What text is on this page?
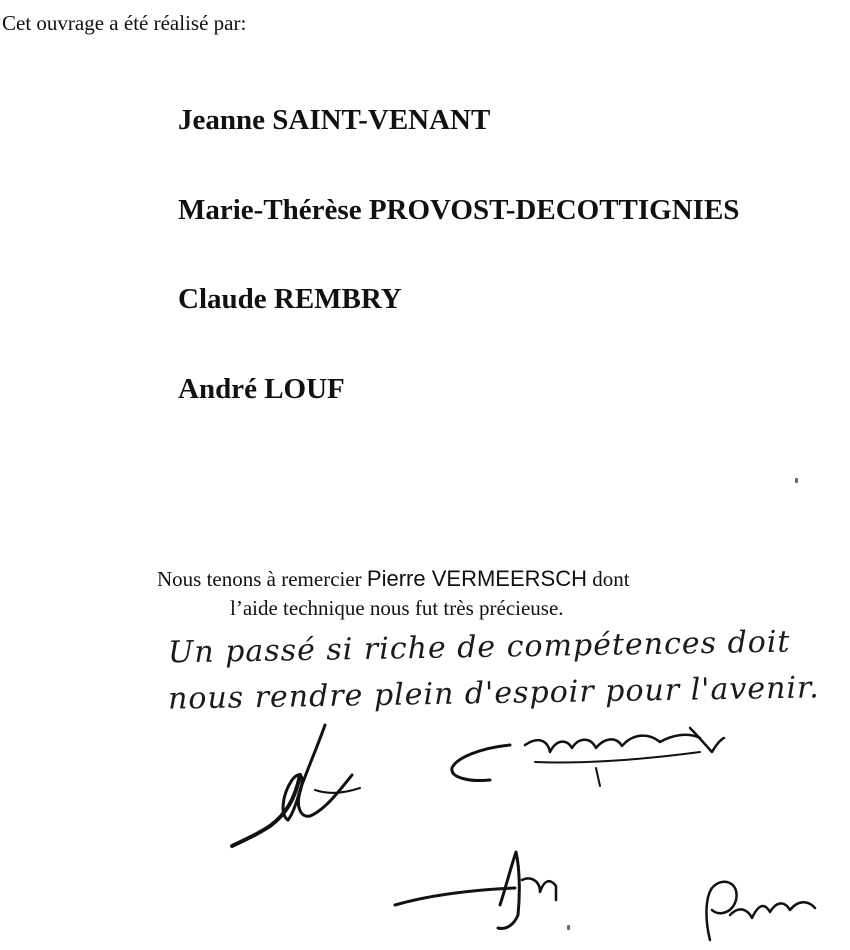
Cet ouvrage a été réalisé par:
Jeanne SAINT-VENANT
Marie-Thérèse PROVOST-DECOTTIGNIES
Claude REMBRY
André LOUF
Nous tenons à remercier Pierre VERMEERSCH dont
l’aide technique nous fut très précieuse.
Un passé si riche de compétences doit
nous rendre plein d'espoir pour l'avenir.
